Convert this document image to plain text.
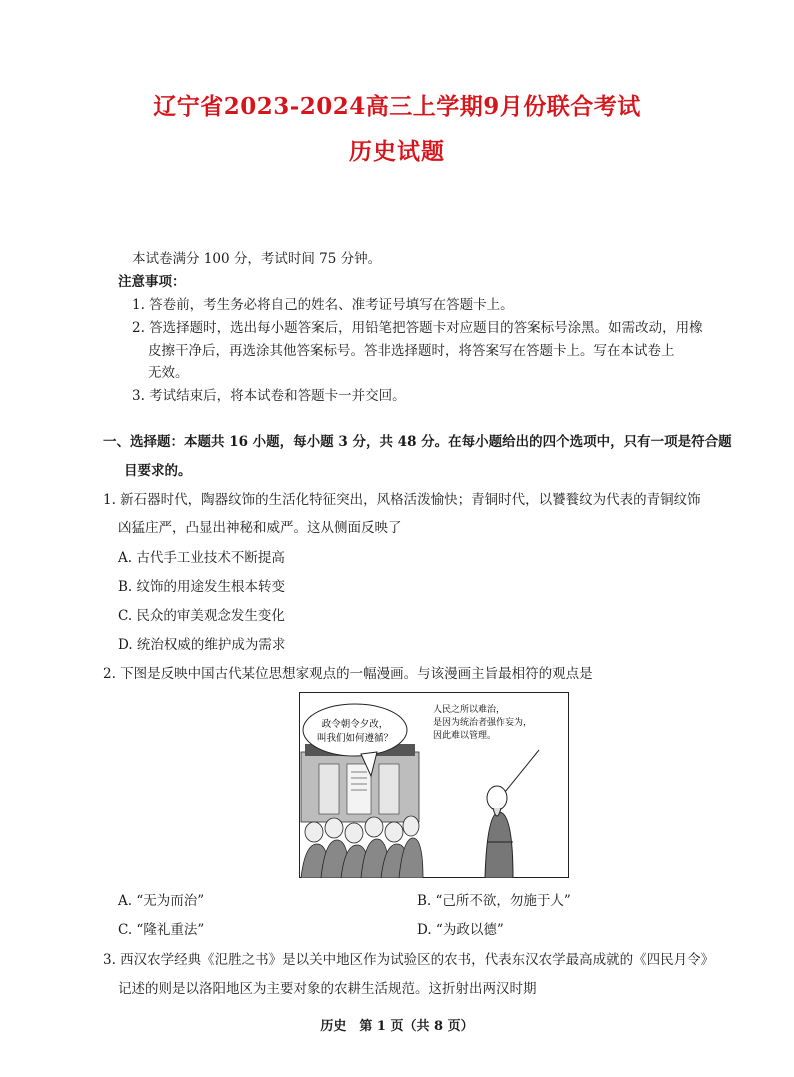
辽宁省2023-2024高三上学期9月份联合考试
历史试题
本试卷满分 100 分，考试时间 75 分钟。
注意事项：
1. 答卷前，考生务必将自己的姓名、准考证号填写在答题卡上。
2. 答选择题时，选出每小题答案后，用铅笔把答题卡对应题目的答案标号涂黑。如需改动，用橡
皮擦干净后，再选涂其他答案标号。答非选择题时，将答案写在答题卡上。写在本试卷上
无效。
3. 考试结束后，将本试卷和答题卡一并交回。
一、选择题：本题共 16 小题，每小题 3 分，共 48 分。在每小题给出的四个选项中，只有一项是符合题
目要求的。
1. 新石器时代，陶器纹饰的生活化特征突出，风格活泼愉快；青铜时代，以饕餮纹为代表的青铜纹饰
凶猛庄严，凸显出神秘和威严。这从侧面反映了
A. 古代手工业技术不断提高
B. 纹饰的用途发生根本转变
C. 民众的审美观念发生变化
D. 统治权威的维护成为需求
2. 下图是反映中国古代某位思想家观点的一幅漫画。与该漫画主旨最相符的观点是
政令朝令夕改，
叫我们如何遵循？
人民之所以难治，
是因为统治者强作妄为，
因此难以管理。
A. “无为而治”	B. “己所不欲，勿施于人”
C. “隆礼重法”	D. “为政以德”
3. 西汉农学经典《氾胜之书》是以关中地区作为试验区的农书，代表东汉农学最高成就的《四民月令》
记述的则是以洛阳地区为主要对象的农耕生活规范。这折射出两汉时期
历史　第 1 页（共 8 页）
